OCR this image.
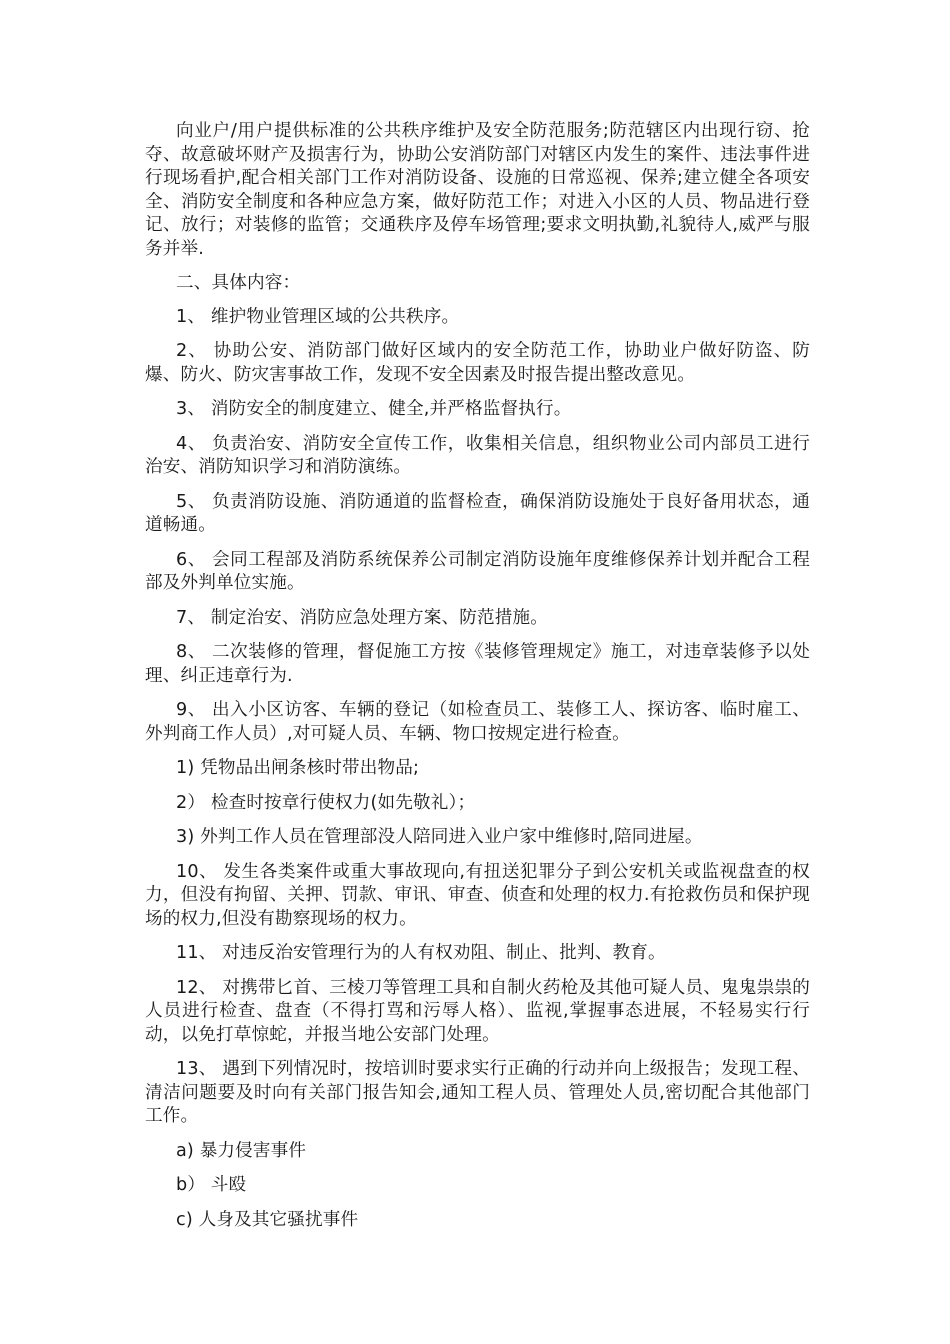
向业户/用户提供标准的公共秩序维护及安全防范服务;防范辖区内出现行窃、抢夺、故意破坏财产及损害行为，协助公安消防部门对辖区内发生的案件、违法事件进行现场看护,配合相关部门工作对消防设备、设施的日常巡视、保养;建立健全各项安全、消防安全制度和各种应急方案，做好防范工作；对进入小区的人员、物品进行登记、放行；对装修的监管；交通秩序及停车场管理;要求文明执勤,礼貌待人,威严与服务并举.

二、具体内容：

1、 维护物业管理区域的公共秩序。

2、 协助公安、消防部门做好区域内的安全防范工作，协助业户做好防盗、防爆、防火、防灾害事故工作，发现不安全因素及时报告提出整改意见。

3、 消防安全的制度建立、健全,并严格监督执行。

4、 负责治安、消防安全宣传工作，收集相关信息，组织物业公司内部员工进行治安、消防知识学习和消防演练。

5、 负责消防设施、消防通道的监督检查，确保消防设施处于良好备用状态，通道畅通。

6、 会同工程部及消防系统保养公司制定消防设施年度维修保养计划并配合工程部及外判单位实施。

7、 制定治安、消防应急处理方案、防范措施。

8、 二次装修的管理，督促施工方按《装修管理规定》施工，对违章装修予以处理、纠正违章行为.

9、 出入小区访客、车辆的登记（如检查员工、装修工人、探访客、临时雇工、外判商工作人员）,对可疑人员、车辆、物口按规定进行检查。

1) 凭物品出闸条核时带出物品;

2） 检查时按章行使权力(如先敬礼）；

3) 外判工作人员在管理部没人陪同进入业户家中维修时,陪同进屋。

10、 发生各类案件或重大事故现向,有扭送犯罪分子到公安机关或监视盘查的权力，但没有拘留、关押、罚款、审讯、审查、侦查和处理的权力.有抢救伤员和保护现场的权力,但没有勘察现场的权力。

11、 对违反治安管理行为的人有权劝阻、制止、批判、教育。

12、 对携带匕首、三棱刀等管理工具和自制火药枪及其他可疑人员、鬼鬼祟祟的人员进行检查、盘查（不得打骂和污辱人格）、监视,掌握事态进展，不轻易实行行动，以免打草惊蛇，并报当地公安部门处理。

13、 遇到下列情况时，按培训时要求实行正确的行动并向上级报告；发现工程、清洁问题要及时向有关部门报告知会,通知工程人员、管理处人员,密切配合其他部门工作。

a) 暴力侵害事件

b） 斗殴

c) 人身及其它骚扰事件
